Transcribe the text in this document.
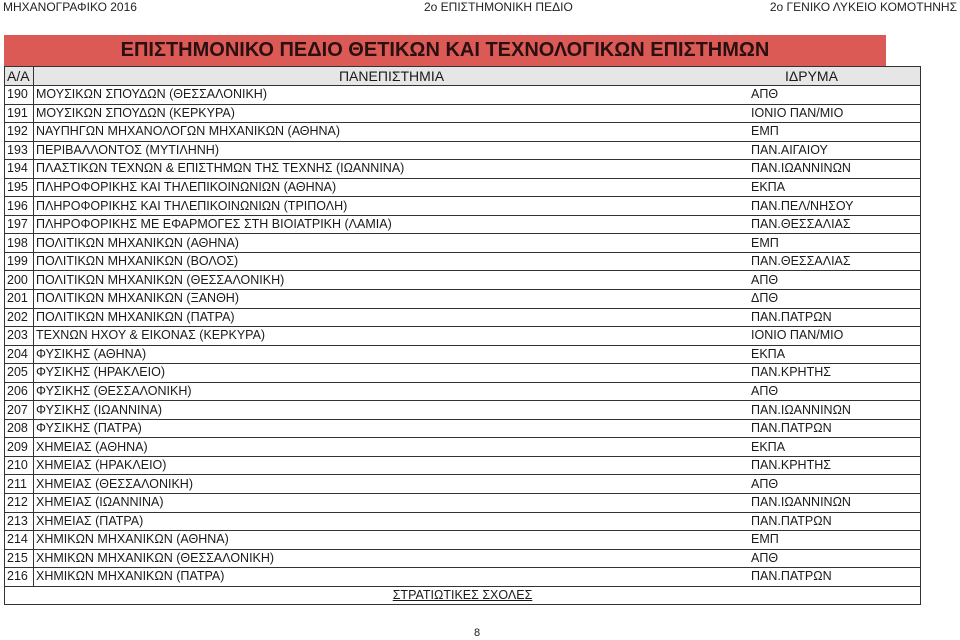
ΜΗΧΑΝΟΓΡΑΦΙΚΟ 2016	2ο ΕΠΙΣΤΗΜΟΝΙΚΗ ΠΕΔΙΟ	2ο ΓΕΝΙΚΟ ΛΥΚΕΙΟ ΚΟΜΟΤΗΝΗΣ
ΕΠΙΣΤΗΜΟΝΙΚΟ ΠΕΔΙΟ ΘΕΤΙΚΩΝ ΚΑΙ ΤΕΧΝΟΛΟΓΙΚΩΝ ΕΠΙΣΤΗΜΩΝ
Α/Α	ΠΑΝΕΠΙΣΤΗΜΙΑ	ΙΔΡΥΜΑ
190	ΜΟΥΣΙΚΩΝ ΣΠΟΥΔΩΝ (ΘΕΣΣΑΛΟΝΙΚΗ)	ΑΠΘ
191	ΜΟΥΣΙΚΩΝ ΣΠΟΥΔΩΝ (ΚΕΡΚΥΡΑ)	ΙΟΝΙΟ ΠΑΝ/ΜΙΟ
192	ΝΑΥΠΗΓΩΝ ΜΗΧΑΝΟΛΟΓΩΝ ΜΗΧΑΝΙΚΩΝ (ΑΘΗΝΑ)	ΕΜΠ
193	ΠΕΡΙΒΑΛΛΟΝΤΟΣ (ΜΥΤΙΛΗΝΗ)	ΠΑΝ.ΑΙΓΑΙΟΥ
194	ΠΛΑΣΤΙΚΩΝ ΤΕΧΝΩΝ & ΕΠΙΣΤΗΜΩΝ ΤΗΣ ΤΕΧΝΗΣ (ΙΩΑΝΝΙΝΑ)	ΠΑΝ.ΙΩΑΝΝΙΝΩΝ
195	ΠΛΗΡΟΦΟΡΙΚΗΣ ΚΑΙ ΤΗΛΕΠΙΚΟΙΝΩΝΙΩΝ (ΑΘΗΝΑ)	ΕΚΠΑ
196	ΠΛΗΡΟΦΟΡΙΚΗΣ ΚΑΙ ΤΗΛΕΠΙΚΟΙΝΩΝΙΩΝ (ΤΡΙΠΟΛΗ)	ΠΑΝ.ΠΕΛ/ΝΗΣΟΥ
197	ΠΛΗΡΟΦΟΡΙΚΗΣ ΜΕ ΕΦΑΡΜΟΓΕΣ ΣΤΗ ΒΙΟΙΑΤΡΙΚΗ (ΛΑΜΙΑ)	ΠΑΝ.ΘΕΣΣΑΛΙΑΣ
198	ΠΟΛΙΤΙΚΩΝ ΜΗΧΑΝΙΚΩΝ (ΑΘΗΝΑ)	ΕΜΠ
199	ΠΟΛΙΤΙΚΩΝ ΜΗΧΑΝΙΚΩΝ (ΒΟΛΟΣ)	ΠΑΝ.ΘΕΣΣΑΛΙΑΣ
200	ΠΟΛΙΤΙΚΩΝ ΜΗΧΑΝΙΚΩΝ (ΘΕΣΣΑΛΟΝΙΚΗ)	ΑΠΘ
201	ΠΟΛΙΤΙΚΩΝ ΜΗΧΑΝΙΚΩΝ (ΞΑΝΘΗ)	ΔΠΘ
202	ΠΟΛΙΤΙΚΩΝ ΜΗΧΑΝΙΚΩΝ (ΠΑΤΡΑ)	ΠΑΝ.ΠΑΤΡΩΝ
203	ΤΕΧΝΩΝ ΗΧΟΥ & ΕΙΚΟΝΑΣ (ΚΕΡΚΥΡΑ)	ΙΟΝΙΟ ΠΑΝ/ΜΙΟ
204	ΦΥΣΙΚΗΣ (ΑΘΗΝΑ)	ΕΚΠΑ
205	ΦΥΣΙΚΗΣ (ΗΡΑΚΛΕΙΟ)	ΠΑΝ.ΚΡΗΤΗΣ
206	ΦΥΣΙΚΗΣ (ΘΕΣΣΑΛΟΝΙΚΗ)	ΑΠΘ
207	ΦΥΣΙΚΗΣ (ΙΩΑΝΝΙΝΑ)	ΠΑΝ.ΙΩΑΝΝΙΝΩΝ
208	ΦΥΣΙΚΗΣ (ΠΑΤΡΑ)	ΠΑΝ.ΠΑΤΡΩΝ
209	ΧΗΜΕΙΑΣ (ΑΘΗΝΑ)	ΕΚΠΑ
210	ΧΗΜΕΙΑΣ (ΗΡΑΚΛΕΙΟ)	ΠΑΝ.ΚΡΗΤΗΣ
211	ΧΗΜΕΙΑΣ (ΘΕΣΣΑΛΟΝΙΚΗ)	ΑΠΘ
212	ΧΗΜΕΙΑΣ (ΙΩΑΝΝΙΝΑ)	ΠΑΝ.ΙΩΑΝΝΙΝΩΝ
213	ΧΗΜΕΙΑΣ (ΠΑΤΡΑ)	ΠΑΝ.ΠΑΤΡΩΝ
214	ΧΗΜΙΚΩΝ ΜΗΧΑΝΙΚΩΝ (ΑΘΗΝΑ)	ΕΜΠ
215	ΧΗΜΙΚΩΝ ΜΗΧΑΝΙΚΩΝ (ΘΕΣΣΑΛΟΝΙΚΗ)	ΑΠΘ
216	ΧΗΜΙΚΩΝ ΜΗΧΑΝΙΚΩΝ (ΠΑΤΡΑ)	ΠΑΝ.ΠΑΤΡΩΝ
ΣΤΡΑΤΙΩΤΙΚΕΣ ΣΧΟΛΕΣ		
8
